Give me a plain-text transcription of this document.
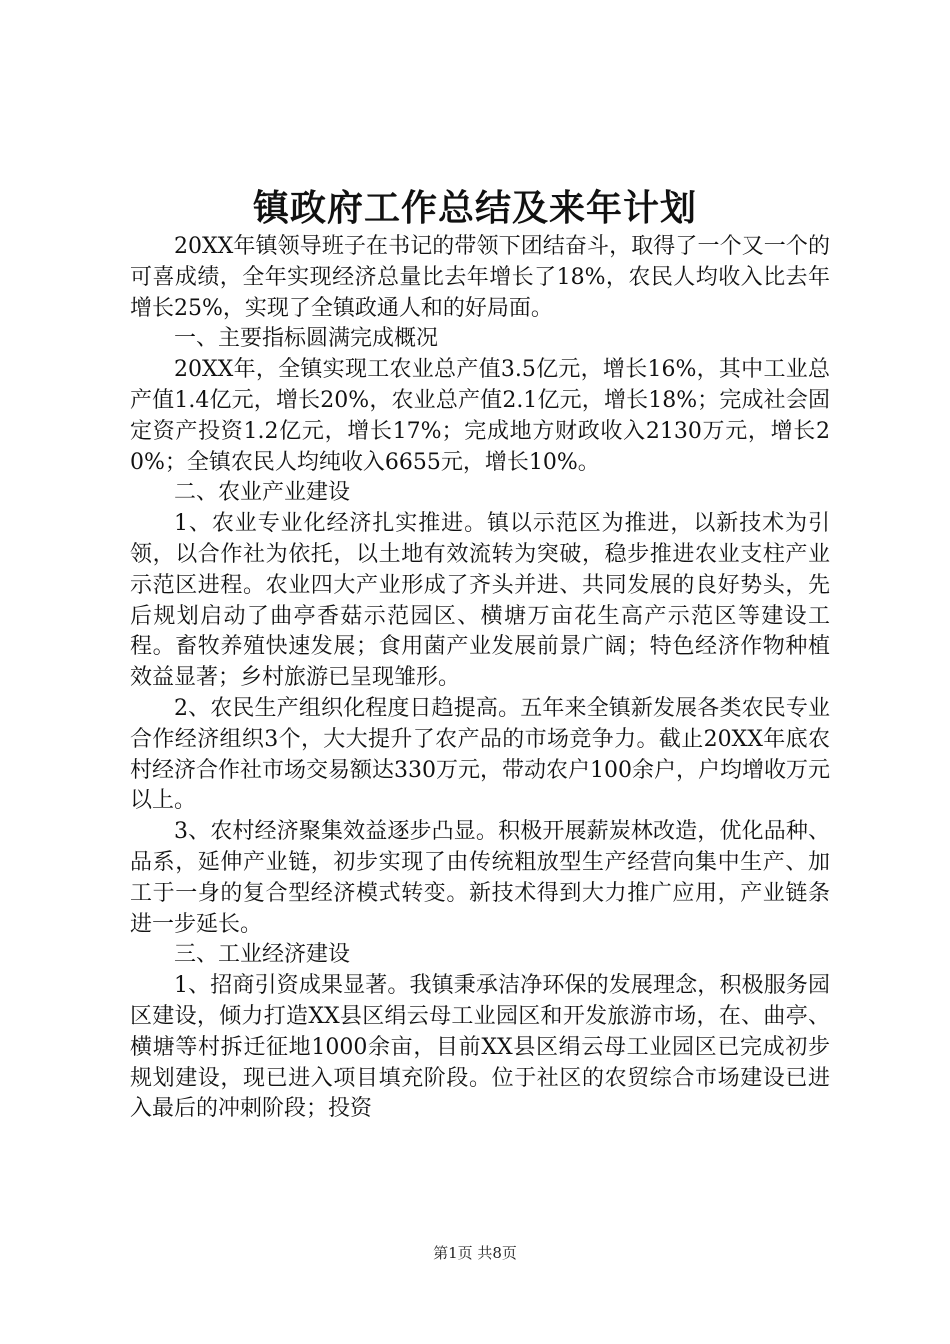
镇政府工作总结及来年计划

20XX年镇领导班子在书记的带领下团结奋斗，取得了一个又一个的可喜成绩，全年实现经济总量比去年增长了18%，农民人均收入比去年增长25%，实现了全镇政通人和的好局面。

一、主要指标圆满完成概况

20XX年，全镇实现工农业总产值3.5亿元，增长16%，其中工业总产值1.4亿元，增长20%，农业总产值2.1亿元，增长18%；完成社会固定资产投资1.2亿元，增长17%；完成地方财政收入2130万元，增长20%；全镇农民人均纯收入6655元，增长10%。

二、农业产业建设

1、农业专业化经济扎实推进。镇以示范区为推进，以新技术为引领，以合作社为依托，以土地有效流转为突破，稳步推进农业支柱产业示范区进程。农业四大产业形成了齐头并进、共同发展的良好势头，先后规划启动了曲亭香菇示范园区、横塘万亩花生高产示范区等建设工程。畜牧养殖快速发展；食用菌产业发展前景广阔；特色经济作物种植效益显著；乡村旅游已呈现雏形。

2、农民生产组织化程度日趋提高。五年来全镇新发展各类农民专业合作经济组织3个，大大提升了农产品的市场竞争力。截止20XX年底农村经济合作社市场交易额达330万元，带动农户100余户，户均增收万元以上。

3、农村经济聚集效益逐步凸显。积极开展薪炭林改造，优化品种、品系，延伸产业链，初步实现了由传统粗放型生产经营向集中生产、加工于一身的复合型经济模式转变。新技术得到大力推广应用，产业链条进一步延长。

三、工业经济建设

1、招商引资成果显著。我镇秉承洁净环保的发展理念，积极服务园区建设，倾力打造XX县区绢云母工业园区和开发旅游市场，在、曲亭、横塘等村拆迁征地1000余亩，目前XX县区绢云母工业园区已完成初步规划建设，现已进入项目填充阶段。位于社区的农贸综合市场建设已进入最后的冲刺阶段；投资

第1页 共8页
